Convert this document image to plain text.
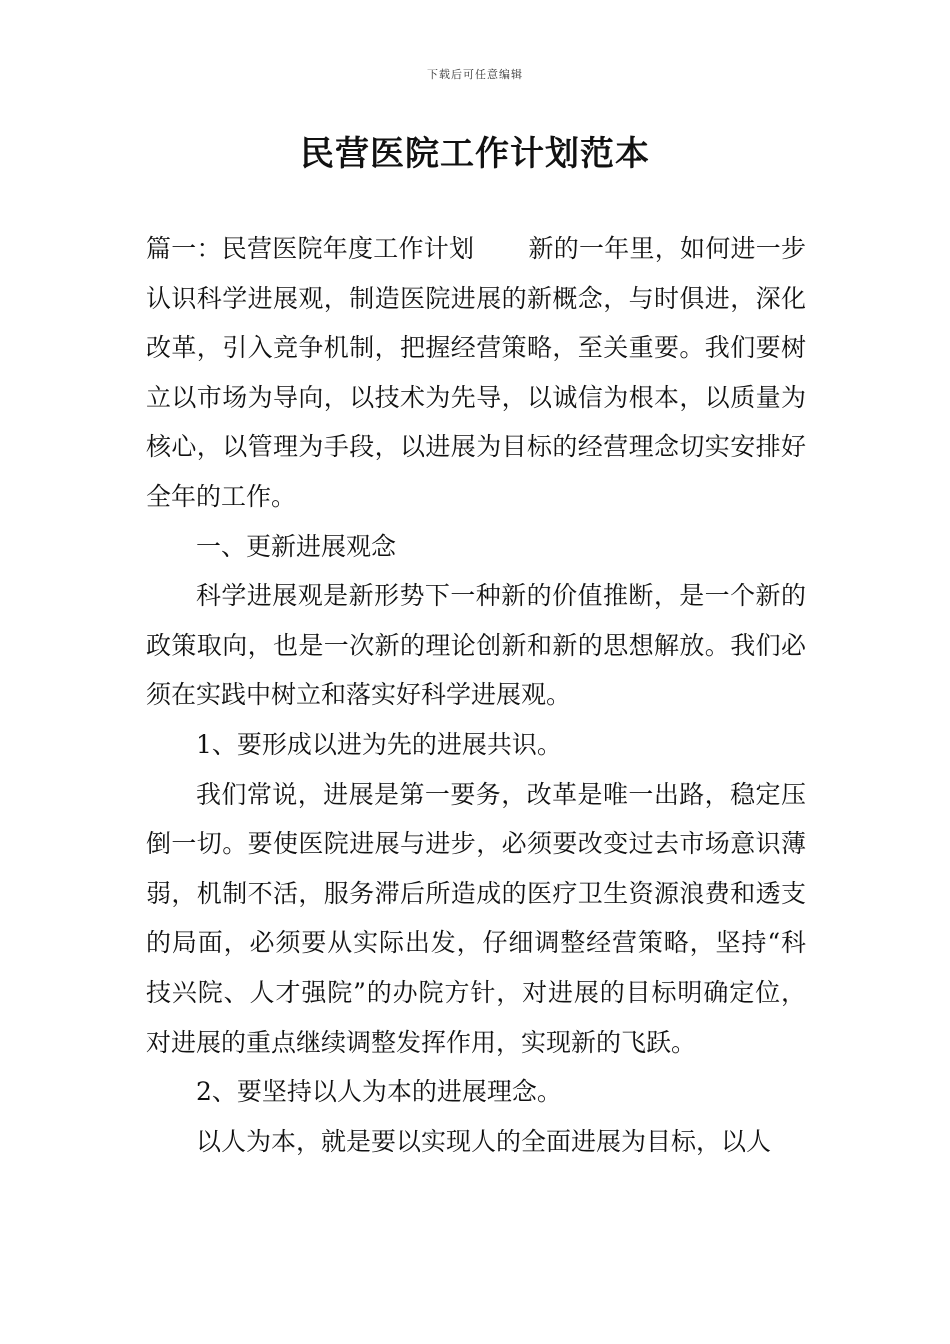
下载后可任意编辑
民营医院工作计划范本

篇一：民营医院年度工作计划 新的一年里，如何进一步认识科学进展观，制造医院进展的新概念，与时俱进，深化改革，引入竞争机制，把握经营策略，至关重要。我们要树立以市场为导向，以技术为先导，以诚信为根本，以质量为核心，以管理为手段，以进展为目标的经营理念切实安排好全年的工作。

一、更新进展观念

科学进展观是新形势下一种新的价值推断，是一个新的政策取向，也是一次新的理论创新和新的思想解放。我们必须在实践中树立和落实好科学进展观。

1、要形成以进为先的进展共识。

我们常说，进展是第一要务，改革是唯一出路，稳定压倒一切。要使医院进展与进步，必须要改变过去市场意识薄弱，机制不活，服务滞后所造成的医疗卫生资源浪费和透支的局面，必须要从实际出发，仔细调整经营策略，坚持“科技兴院、人才强院”的办院方针，对进展的目标明确定位，对进展的重点继续调整发挥作用，实现新的飞跃。

2、要坚持以人为本的进展理念。

以人为本，就是要以实现人的全面进展为目标，以人
